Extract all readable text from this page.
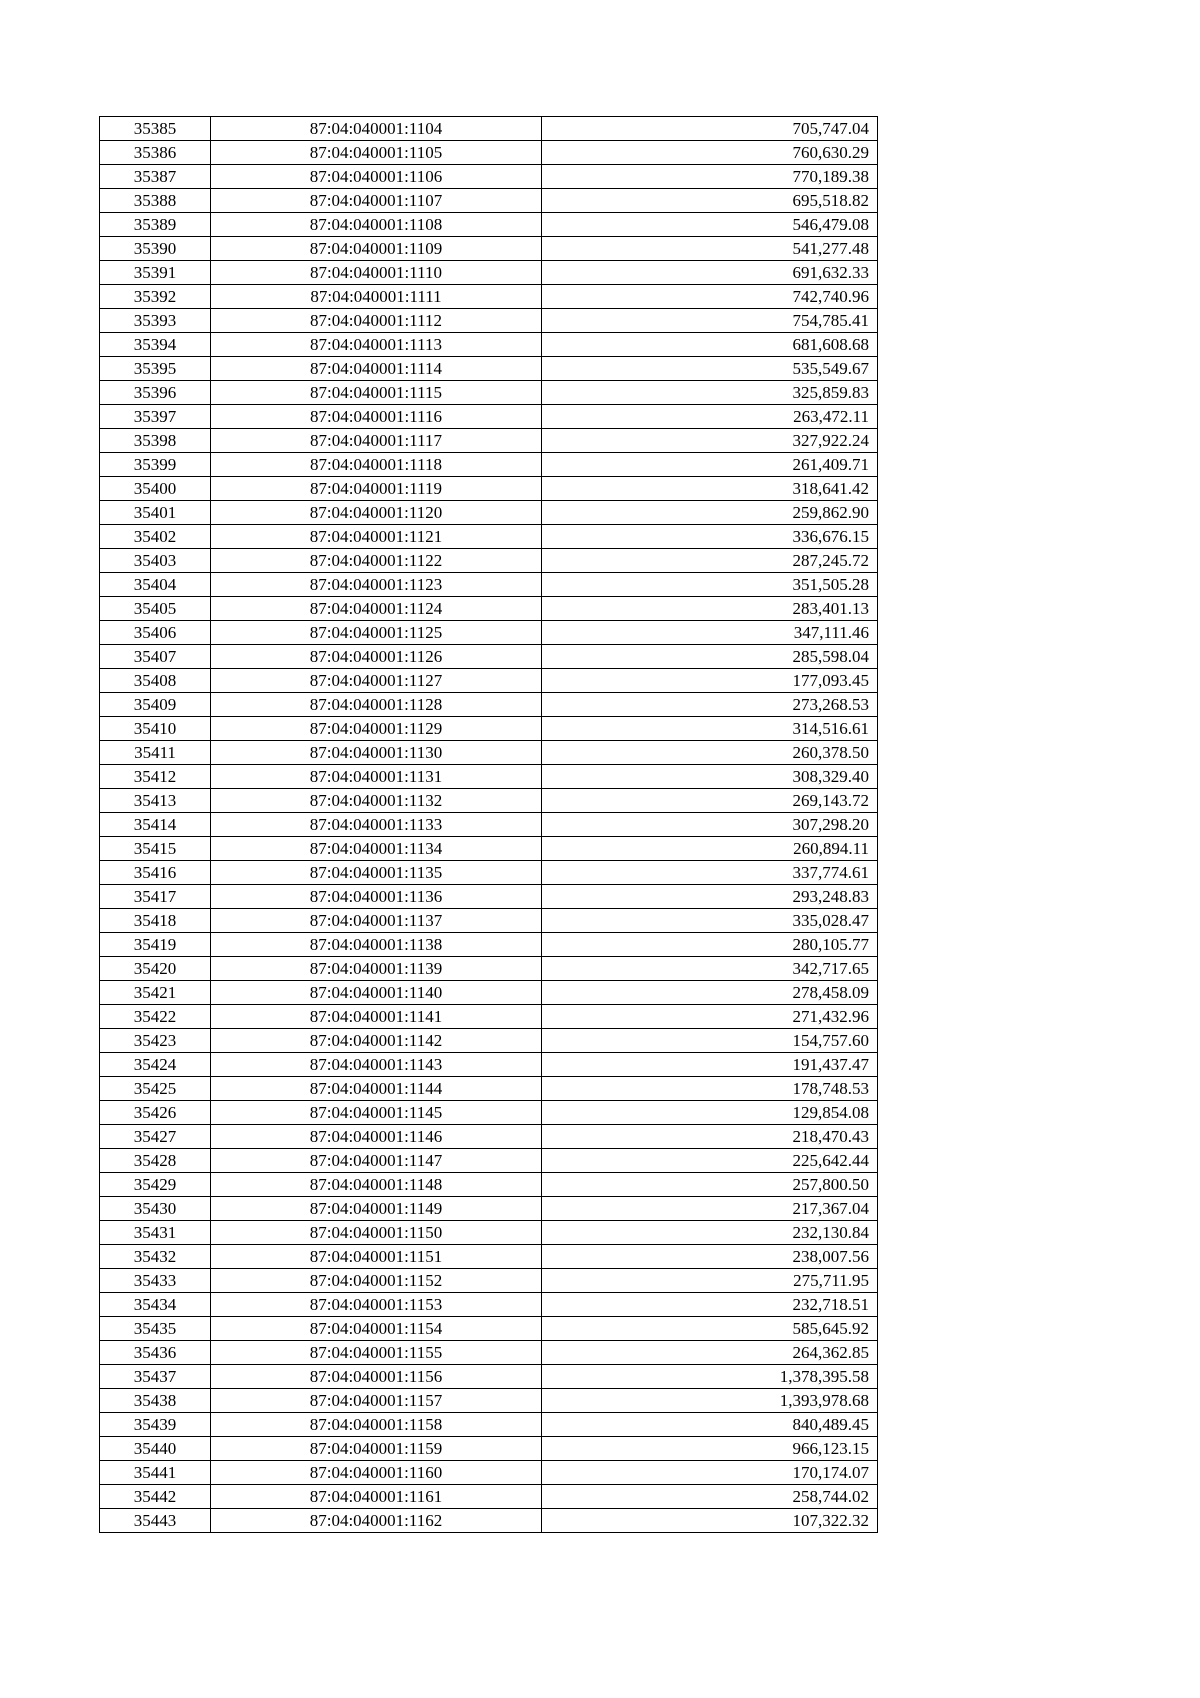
35385	87:04:040001:1104	705,747.04
35386	87:04:040001:1105	760,630.29
35387	87:04:040001:1106	770,189.38
35388	87:04:040001:1107	695,518.82
35389	87:04:040001:1108	546,479.08
35390	87:04:040001:1109	541,277.48
35391	87:04:040001:1110	691,632.33
35392	87:04:040001:1111	742,740.96
35393	87:04:040001:1112	754,785.41
35394	87:04:040001:1113	681,608.68
35395	87:04:040001:1114	535,549.67
35396	87:04:040001:1115	325,859.83
35397	87:04:040001:1116	263,472.11
35398	87:04:040001:1117	327,922.24
35399	87:04:040001:1118	261,409.71
35400	87:04:040001:1119	318,641.42
35401	87:04:040001:1120	259,862.90
35402	87:04:040001:1121	336,676.15
35403	87:04:040001:1122	287,245.72
35404	87:04:040001:1123	351,505.28
35405	87:04:040001:1124	283,401.13
35406	87:04:040001:1125	347,111.46
35407	87:04:040001:1126	285,598.04
35408	87:04:040001:1127	177,093.45
35409	87:04:040001:1128	273,268.53
35410	87:04:040001:1129	314,516.61
35411	87:04:040001:1130	260,378.50
35412	87:04:040001:1131	308,329.40
35413	87:04:040001:1132	269,143.72
35414	87:04:040001:1133	307,298.20
35415	87:04:040001:1134	260,894.11
35416	87:04:040001:1135	337,774.61
35417	87:04:040001:1136	293,248.83
35418	87:04:040001:1137	335,028.47
35419	87:04:040001:1138	280,105.77
35420	87:04:040001:1139	342,717.65
35421	87:04:040001:1140	278,458.09
35422	87:04:040001:1141	271,432.96
35423	87:04:040001:1142	154,757.60
35424	87:04:040001:1143	191,437.47
35425	87:04:040001:1144	178,748.53
35426	87:04:040001:1145	129,854.08
35427	87:04:040001:1146	218,470.43
35428	87:04:040001:1147	225,642.44
35429	87:04:040001:1148	257,800.50
35430	87:04:040001:1149	217,367.04
35431	87:04:040001:1150	232,130.84
35432	87:04:040001:1151	238,007.56
35433	87:04:040001:1152	275,711.95
35434	87:04:040001:1153	232,718.51
35435	87:04:040001:1154	585,645.92
35436	87:04:040001:1155	264,362.85
35437	87:04:040001:1156	1,378,395.58
35438	87:04:040001:1157	1,393,978.68
35439	87:04:040001:1158	840,489.45
35440	87:04:040001:1159	966,123.15
35441	87:04:040001:1160	170,174.07
35442	87:04:040001:1161	258,744.02
35443	87:04:040001:1162	107,322.32
